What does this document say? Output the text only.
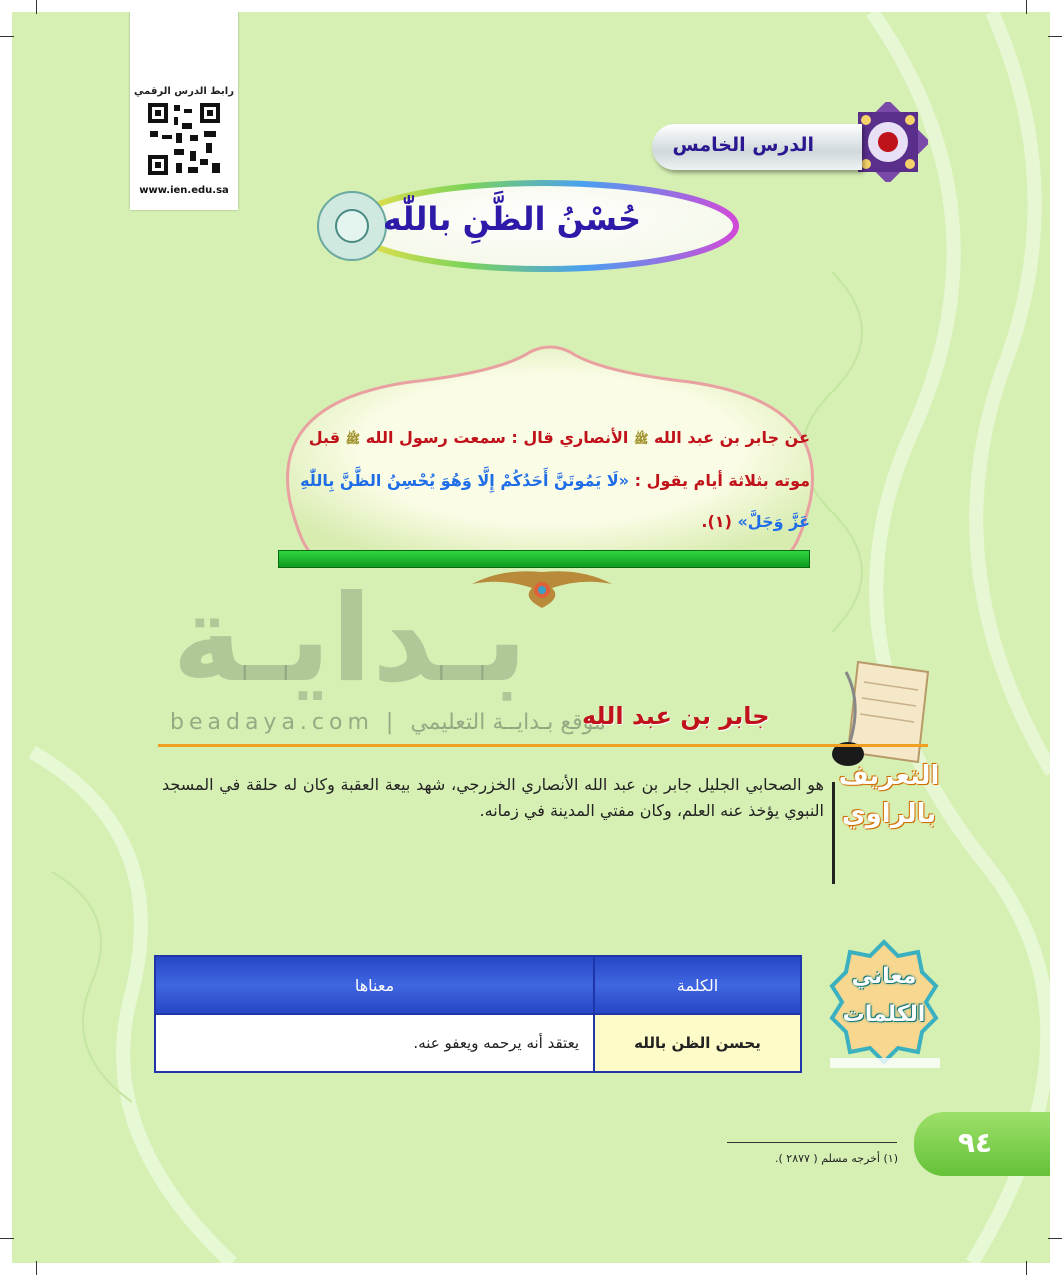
رابط الدرس الرقمي
www.ien.edu.sa
الدرس الخامس
حُسْنُ الظَّنِ باللّٰه
عن جابر بن عبد الله ﷺ الأنصاري قال : سمعت رسول الله ﷺ قبل موته بثلاثة أيام يقول : «لَا يَمُوتَنَّ أَحَدُكُمْ إِلَّا وَهُوَ يُحْسِنُ الظَّنَّ بِاللّٰهِ عَزَّ وَجَلَّ» (١).
بـدايـة
beadaya.com | موقع بـدايــة التعليمي
جابر بن عبد الله
التعريف بالراوي
هو الصحابي الجليل جابر بن عبد الله الأنصاري الخزرجي، شهد بيعة العقبة وكان له حلقة في المسجد النبوي يؤخذ عنه العلم، وكان مفتي المدينة في زمانه.
معاني الكلمات
الكلمة	معناها
يحسن الظن بالله	يعتقد أنه يرحمه ويعفو عنه.
٩٤
(١) أخرجه مسلم ( ٢٨٧٧ ).
